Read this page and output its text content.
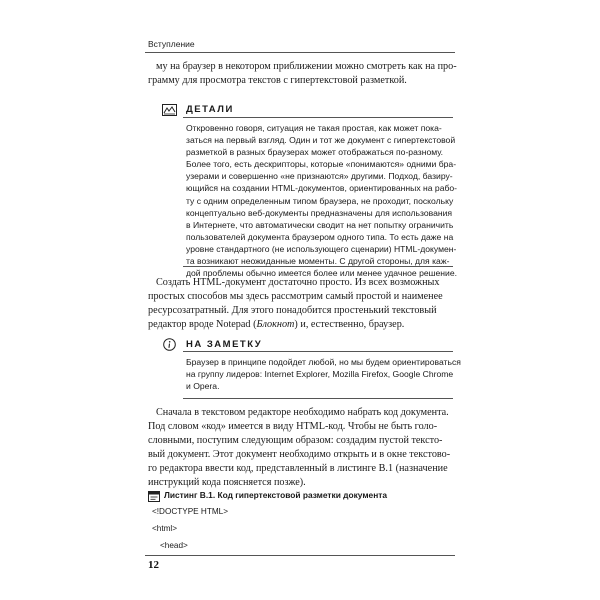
Вступление
му на браузер в некотором приближении можно смотреть как на про-
грамму для просмотра текстов с гипертекстовой разметкой.
ДЕТАЛИ
Откровенно говоря, ситуация не такая простая, как может пока-
заться на первый взгляд. Один и тот же документ с гипертекстовой
разметкой в разных браузерах может отображаться по-разному.
Более того, есть дескрипторы, которые «понимаются» одними бра-
узерами и совершенно «не признаются» другими. Подход, базиру-
ющийся на создании HTML-документов, ориентированных на рабо-
ту с одним определенным типом браузера, не проходит, поскольку
концептуально веб-документы предназначены для использования
в Интернете, что автоматически сводит на нет попытку ограничить
пользователей документа браузером одного типа. То есть даже на
уровне стандартного (не использующего сценарии) HTML-докумен-
та возникают неожиданные моменты. С другой стороны, для каж-
дой проблемы обычно имеется более или менее удачное решение.
Создать HTML-документ достаточно просто. Из всех возможных
простых способов мы здесь рассмотрим самый простой и наименее
ресурсозатратный. Для этого понадобится простенький текстовый
редактор вроде Notepad (Блокнот) и, естественно, браузер.
НА ЗАМЕТКУ
Браузер в принципе подойдет любой, но мы будем ориентироваться
на группу лидеров: Internet Explorer, Mozilla Firefox, Google Chrome
и Opera.
Сначала в текстовом редакторе необходимо набрать код документа.
Под словом «код» имеется в виду HTML-код. Чтобы не быть голо-
словными, поступим следующим образом: создадим пустой тексто-
вый документ. Этот документ необходимо открыть и в окне текстово-
го редактора ввести код, представленный в листинге В.1 (назначение
инструкций кода поясняется позже).
Листинг В.1. Код гипертекстовой разметки документа
<!DOCTYPE HTML>
<html>
<head>
12
